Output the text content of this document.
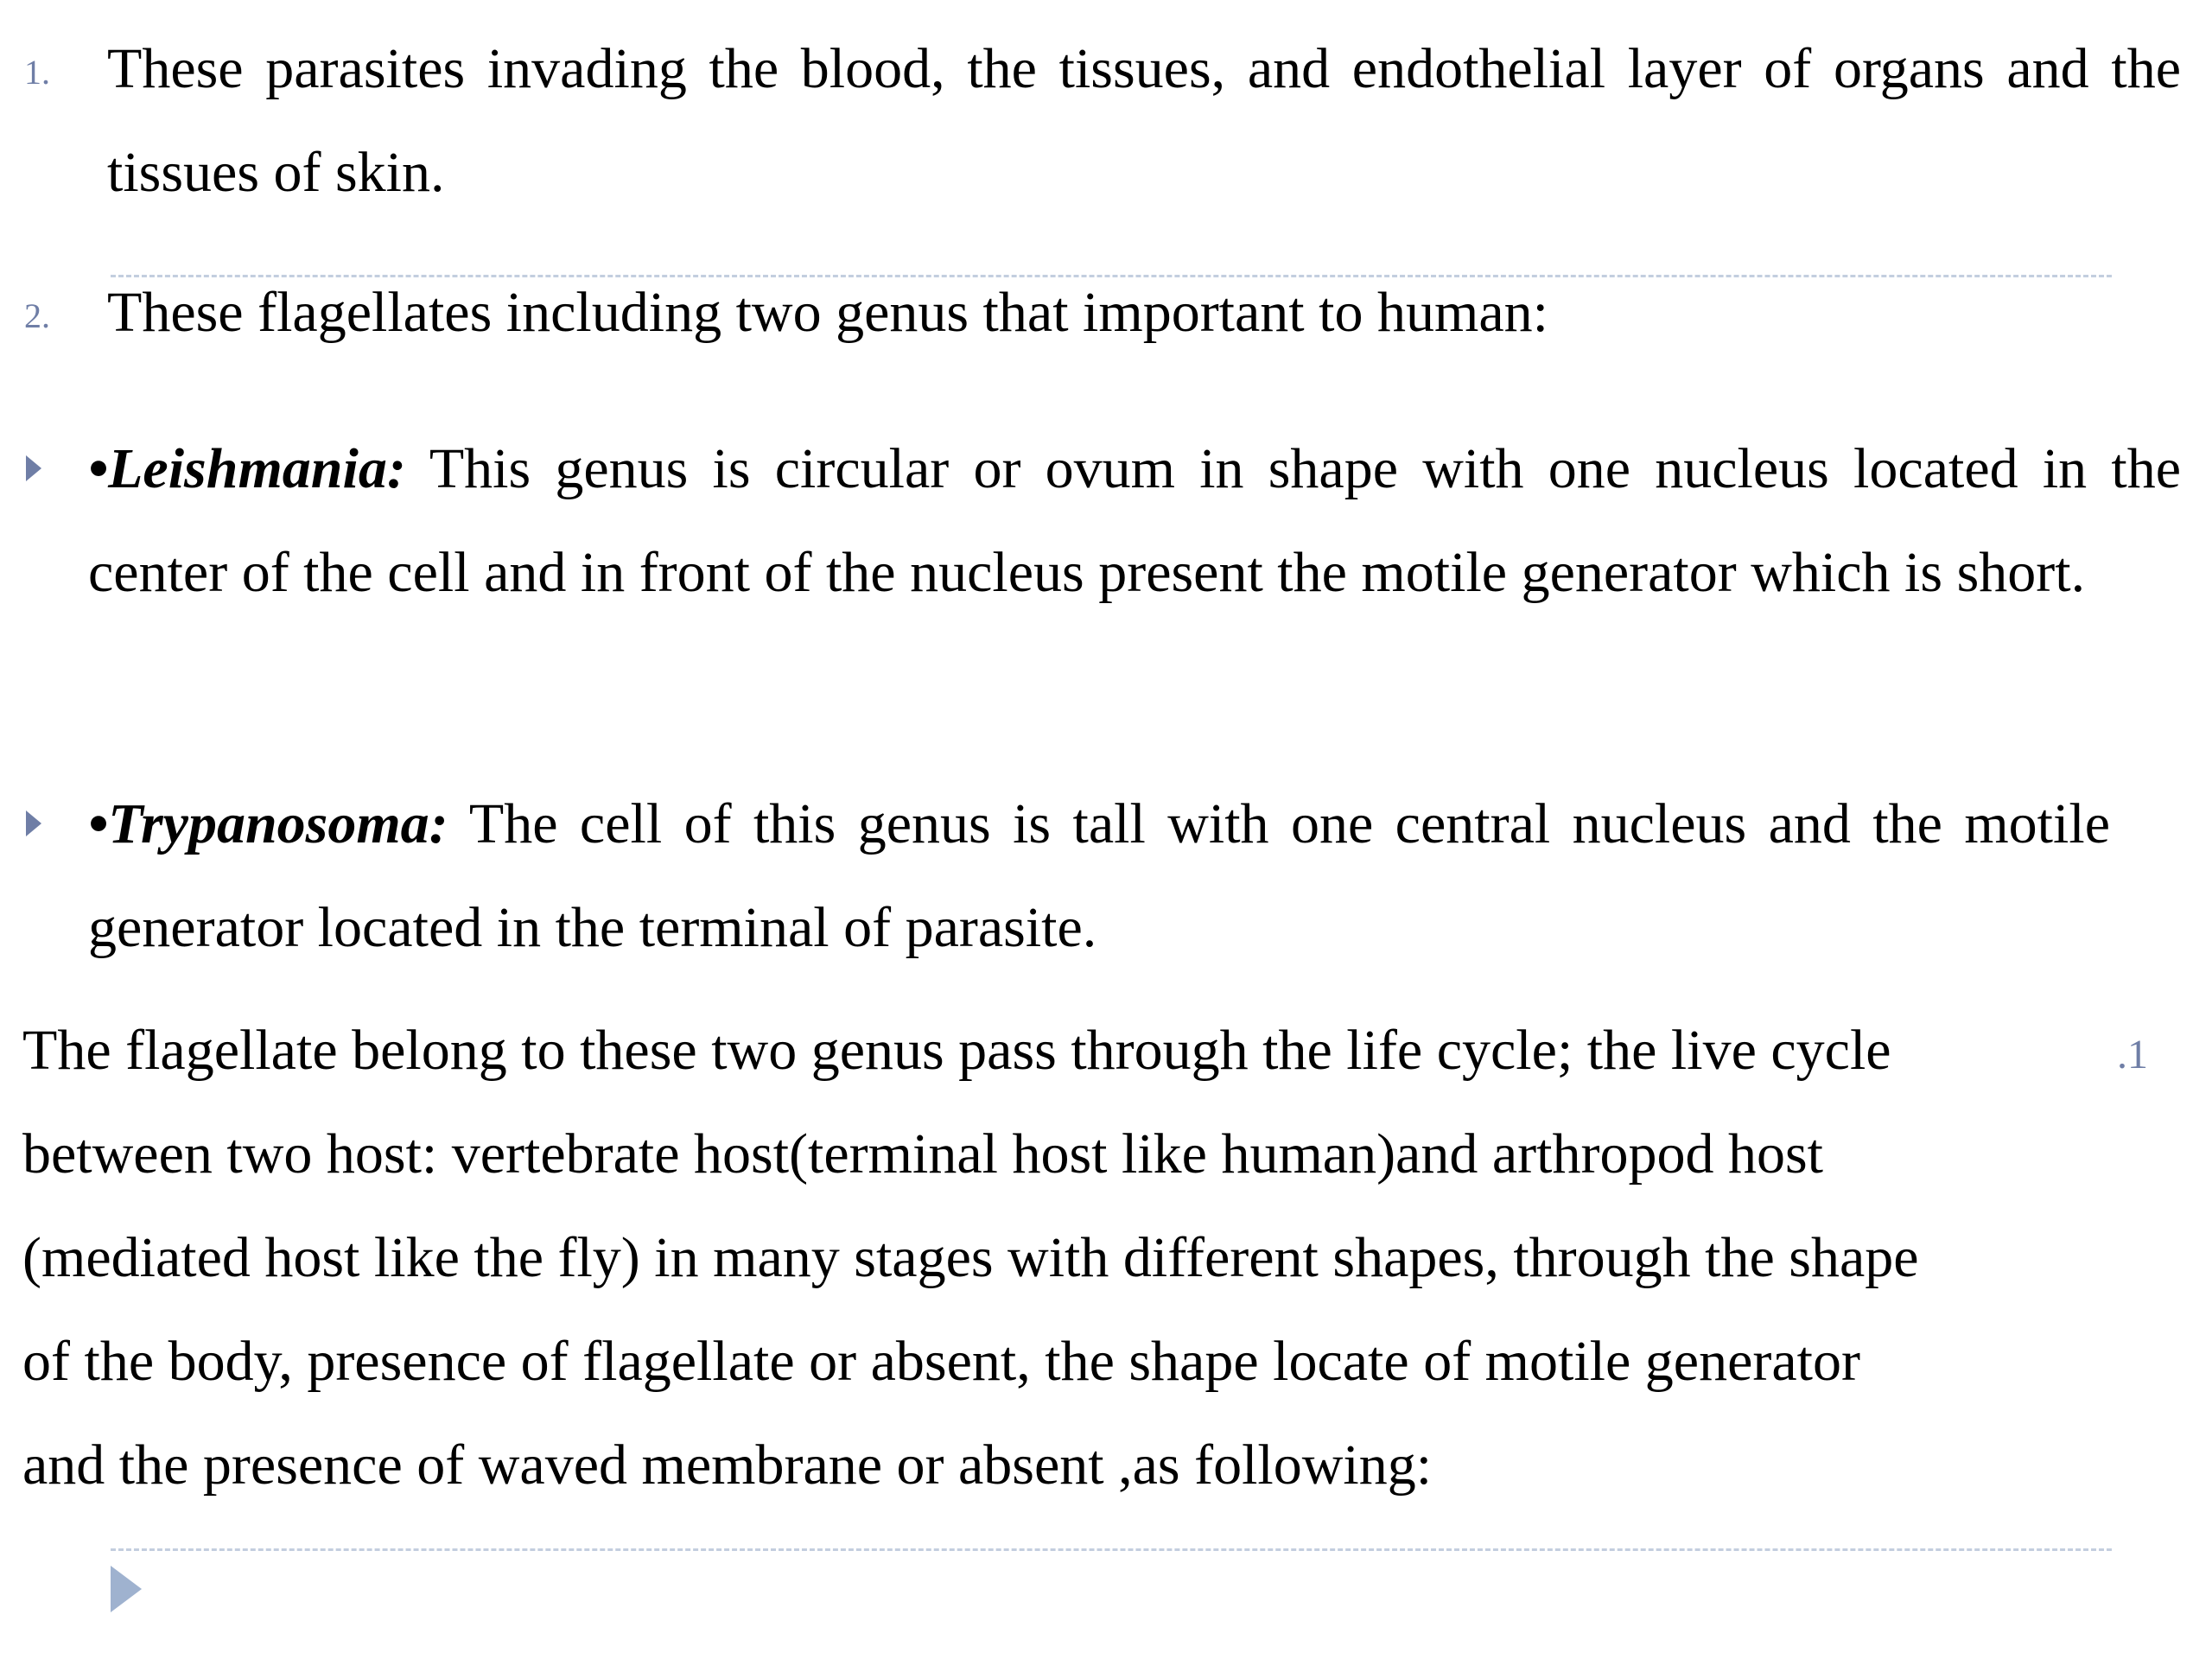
1. These parasites invading the blood, the tissues, and endothelial layer of organs and the tissues of skin.
2. These flagellates including two genus that important to human:
•Leishmania: This genus is circular or ovum in shape with one nucleus located in the center of the cell and in front of the nucleus present the motile generator which is short.
•Trypanosoma: The cell of this genus is tall with one central nucleus and the motile generator located in the terminal of parasite.
.1
The flagellate belong to these two genus pass through the life cycle; the live cycle
between two host: vertebrate host(terminal host like human)and arthropod host
(mediated host like the fly) in many stages with different shapes, through the shape
of the body, presence of flagellate or absent, the shape locate of motile generator
and the presence of waved membrane or absent ,as following:
